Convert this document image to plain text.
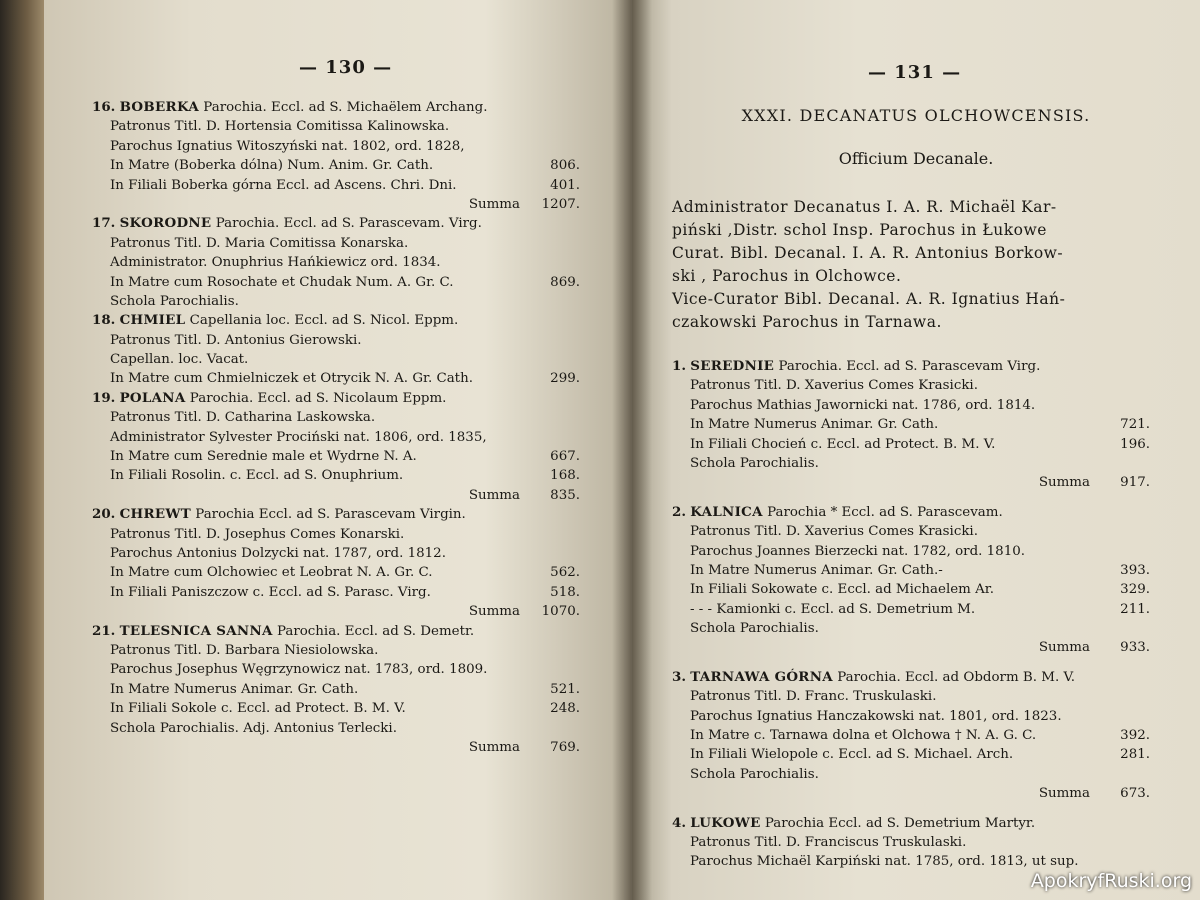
— 130 —
16. BOBERKA Parochia. Eccl. ad S. Michaëlem Archang.
Patronus Titl. D. Hortensia Comitissa Kalinowska.
Parochus Ignatius Witoszyński nat. 1802, ord. 1828,
In Matre (Boberka dólna) Num. Anim. Gr. Cath.	806.
In Filiali Boberka górna Eccl. ad Ascens. Chri. Dni.	401.
Summa 1207.
17. SKORODNE Parochia. Eccl. ad S. Parascevam. Virg.
Patronus Titl. D. Maria Comitissa Konarska.
Administrator. Onuphrius Hańkiewicz ord. 1834.
In Matre cum Rosochate et Chudak Num. A. Gr. C.	869.
Schola Parochialis.
18. CHMIEL Capellania loc. Eccl. ad S. Nicol. Eppm.
Patronus Titl. D. Antonius Gierowski.
Capellan. loc. Vacat.
In Matre cum Chmielniczek et Otrycik N. A. Gr. Cath.	299.
19. POLANA Parochia. Eccl. ad S. Nicolaum Eppm.
Patronus Titl. D. Catharina Laskowska.
Administrator Sylvester Prociński nat. 1806, ord. 1835,
In Matre cum Serednie male et Wydrne N. A.	667.
In Filiali Rosolin. c. Eccl. ad S. Onuphrium.	168.
Summa 835.
20. CHREWT Parochia Eccl. ad S. Parascevam Virgin.
Patronus Titl. D. Josephus Comes Konarski.
Parochus Antonius Dolzycki nat. 1787, ord. 1812.
In Matre cum Olchowiec et Leobrat N. A. Gr. C.	562.
In Filiali Paniszczow c. Eccl. ad S. Parasc. Virg.	518.
Summa 1070.
21. TELESNICA SANNA Parochia. Eccl. ad S. Demetr.
Patronus Titl. D. Barbara Niesiolowska.
Parochus Josephus Węgrzynowicz nat. 1783, ord. 1809.
In Matre Numerus Animar. Gr. Cath.	521.
In Filiali Sokole c. Eccl. ad Protect. B. M. V.	248.
Schola Parochialis. Adj. Antonius Terlecki.
Summa 769.
— 131 —
XXXI. DECANATUS OLCHOWCENSIS.
Officium Decanale.
Administrator Decanatus I. A. R. Michaël Kar-
piński ,Distr. schol Insp. Parochus in Łukowe
Curat. Bibl. Decanal. I. A. R. Antonius Borkow-
ski , Parochus in Olchowce.
Vice-Curator Bibl. Decanal. A. R. Ignatius Hań-
czakowski Parochus in Tarnawa.
1. SEREDNIE Parochia. Eccl. ad S. Parascevam Virg.
Patronus Titl. D. Xaverius Comes Krasicki.
Parochus Mathias Jawornicki nat. 1786, ord. 1814.
In Matre Numerus Animar. Gr. Cath.	721.
In Filiali Chocień c. Eccl. ad Protect. B. M. V.	196.
Schola Parochialis.
Summa 917.
2. KALNICA Parochia * Eccl. ad S. Parascevam.
Patronus Titl. D. Xaverius Comes Krasicki.
Parochus Joannes Bierzecki nat. 1782, ord. 1810.
In Matre Numerus Animar. Gr. Cath.-	393.
In Filiali Sokowate c. Eccl. ad Michaelem Ar.	329.
- - - Kamionki c. Eccl. ad S. Demetrium M.	211.
Schola Parochialis.
Summa 933.
3. TARNAWA GÓRNA Parochia. Eccl. ad Obdorm B. M. V.
Patronus Titl. D. Franc. Truskulaski.
Parochus Ignatius Hanczakowski nat. 1801, ord. 1823.
In Matre c. Tarnawa dolna et Olchowa † N. A. G. C.	392.
In Filiali Wielopole c. Eccl. ad S. Michael. Arch.	281.
Schola Parochialis.
Summa 673.
4. LUKOWE Parochia Eccl. ad S. Demetrium Martyr.
Patronus Titl. D. Franciscus Truskulaski.
Parochus Michaël Karpiński nat. 1785, ord. 1813, ut sup.
ApokryfRuski.org
